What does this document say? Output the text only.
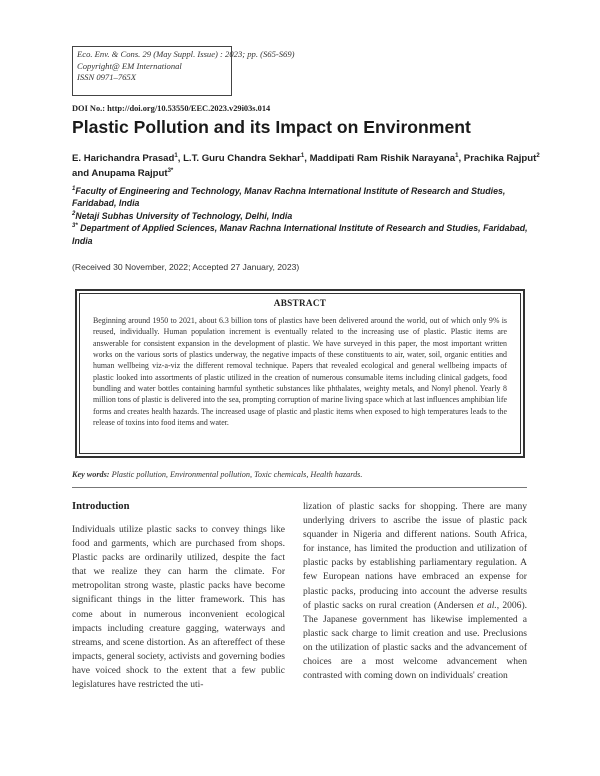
Eco. Env. & Cons. 29 (May Suppl. Issue) : 2023; pp. (S65-S69)
Copyright@ EM International
ISSN 0971–765X
DOI No.: http://doi.org/10.53550/EEC.2023.v29i03s.014
Plastic Pollution and its Impact on Environment
E. Harichandra Prasad$^1$, L.T. Guru Chandra Sekhar$^1$, Maddipati Ram Rishik Narayana$^1$, Prachika Rajput$^2$ and Anupama Rajput$^{3*}$
$^1$Faculty of Engineering and Technology, Manav Rachna International Institute of Research and Studies, Faridabad, India
$^2$Netaji Subhas University of Technology, Delhi, India
$^{3*}$ Department of Applied Sciences, Manav Rachna International Institute of Research and Studies, Faridabad, India
(Received 30 November, 2022; Accepted 27 January, 2023)
ABSTRACT
Beginning around 1950 to 2021, about 6.3 billion tons of plastics have been delivered around the world, out of which only 9% is reused, individually. Human population increment is eventually related to the increasing use of plastic. Plastic items are answerable for consistent expansion in the development of plastic. We have surveyed in this paper, the most important written works on the various sorts of plastics underway, the negative impacts of these constituents to air, water, soil, organic entities and human wellbeing viz-a-viz the different removal technique. Papers that revealed ecological and general wellbeing impacts of plastic looked into assortments of plastic utilized in the creation of numerous consumable items including clinical gadgets, food bundling and water bottles containing harmful synthetic substances like phthalates, weighty metals, and Nonyl phenol. Yearly 8 million tons of plastic is delivered into the sea, prompting corruption of marine living space which at last influences amphibian life forms and creates health hazards. The increased usage of plastic and plastic items when exposed to high temperatures leads to the release of toxins into food items and water.
Key words: Plastic pollution, Environmental pollution, Toxic chemicals, Health hazards.
Introduction
Individuals utilize plastic sacks to convey things like food and garments, which are purchased from shops. Plastic packs are ordinarily utilized, despite the fact that we realize they can harm the climate. For metropolitan strong waste, plastic packs have become significant things in the litter framework. This has come about in numerous inconvenient ecological impacts including creature gagging, waterways and streams, and scene distortion. As an aftereffect of these impacts, general society, activists and governing bodies have voiced shock to the extent that a few public legislatures have restricted the uti-
lization of plastic sacks for shopping. There are many underlying drivers to ascribe the issue of plastic pack squander in Nigeria and different nations. South Africa, for instance, has limited the production and utilization of plastic packs by establishing parliamentary regulation. A few European nations have embraced an expense for plastic packs, producing into account the adverse results of plastic sacks on rural creation (Andersen et al., 2006). The Japanese government has likewise implemented a plastic sack charge to limit creation and use. Preclusions on the utilization of plastic sacks and the advancement of choices are a most welcome advancement when contrasted with coming down on individuals' creation
